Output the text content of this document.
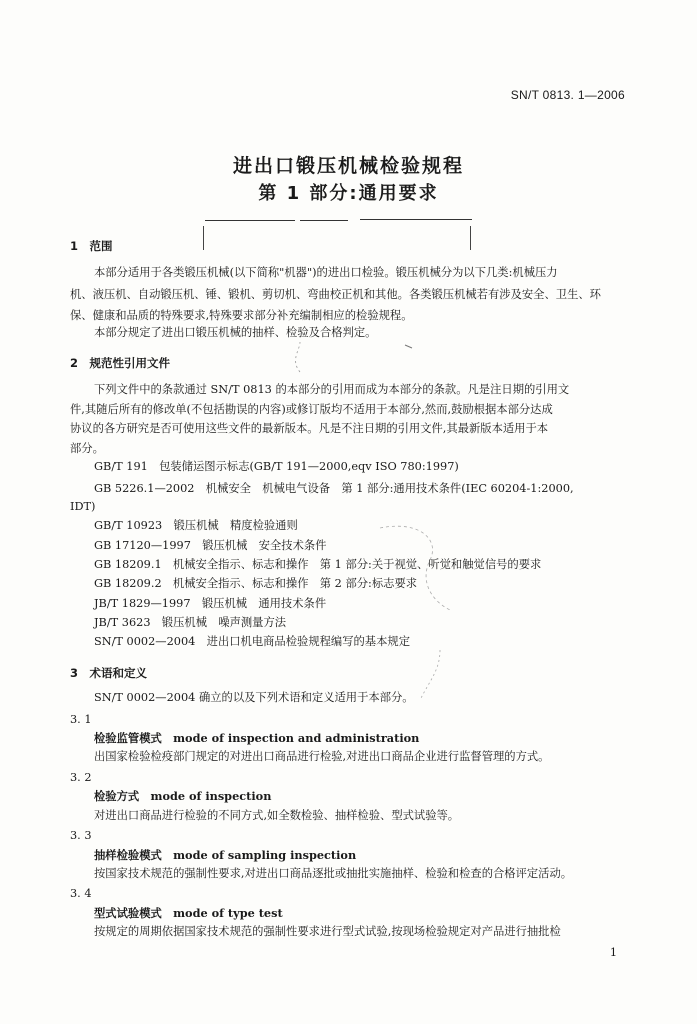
SN/T 0813. 1—2006
进出口锻压机械检验规程
第 1 部分:通用要求
1　范围
本部分适用于各类锻压机械(以下简称"机器")的进出口检验。锻压机械分为以下几类:机械压力
机、液压机、自动锻压机、锤、锻机、剪切机、弯曲校正机和其他。各类锻压机械若有涉及安全、卫生、环
保、健康和品质的特殊要求,特殊要求部分补充编制相应的检验规程。
本部分规定了进出口锻压机械的抽样、检验及合格判定。
2　规范性引用文件
下列文件中的条款通过 SN/T 0813 的本部分的引用而成为本部分的条款。凡是注日期的引用文
件,其随后所有的修改单(不包括勘误的内容)或修订版均不适用于本部分,然而,鼓励根据本部分达成
协议的各方研究是否可使用这些文件的最新版本。凡是不注日期的引用文件,其最新版本适用于本
部分。
GB/T 191　包装储运图示标志(GB/T 191—2000,eqv ISO 780:1997)
GB 5226.1—2002　机械安全　机械电气设备　第 1 部分:通用技术条件(IEC 60204-1:2000,
IDT)
GB/T 10923　锻压机械　精度检验通则
GB 17120—1997　锻压机械　安全技术条件
GB 18209.1　机械安全指示、标志和操作　第 1 部分:关于视觉、听觉和触觉信号的要求
GB 18209.2　机械安全指示、标志和操作　第 2 部分:标志要求
JB/T 1829—1997　锻压机械　通用技术条件
JB/T 3623　锻压机械　噪声测量方法
SN/T 0002—2004　进出口机电商品检验规程编写的基本规定
3　术语和定义
SN/T 0002—2004 确立的以及下列术语和定义适用于本部分。
3. 1
检验监管模式　mode of inspection and administration
出国家检验检疫部门规定的对进出口商品进行检验,对进出口商品企业进行监督管理的方式。
3. 2
检验方式　mode of inspection
对进出口商品进行检验的不同方式,如全数检验、抽样检验、型式试验等。
3. 3
抽样检验模式　mode of sampling inspection
按国家技术规范的强制性要求,对进出口商品逐批或抽批实施抽样、检验和检查的合格评定活动。
3. 4
型式试验模式　mode of type test
按规定的周期依据国家技术规范的强制性要求进行型式试验,按现场检验规定对产品进行抽批检
1
